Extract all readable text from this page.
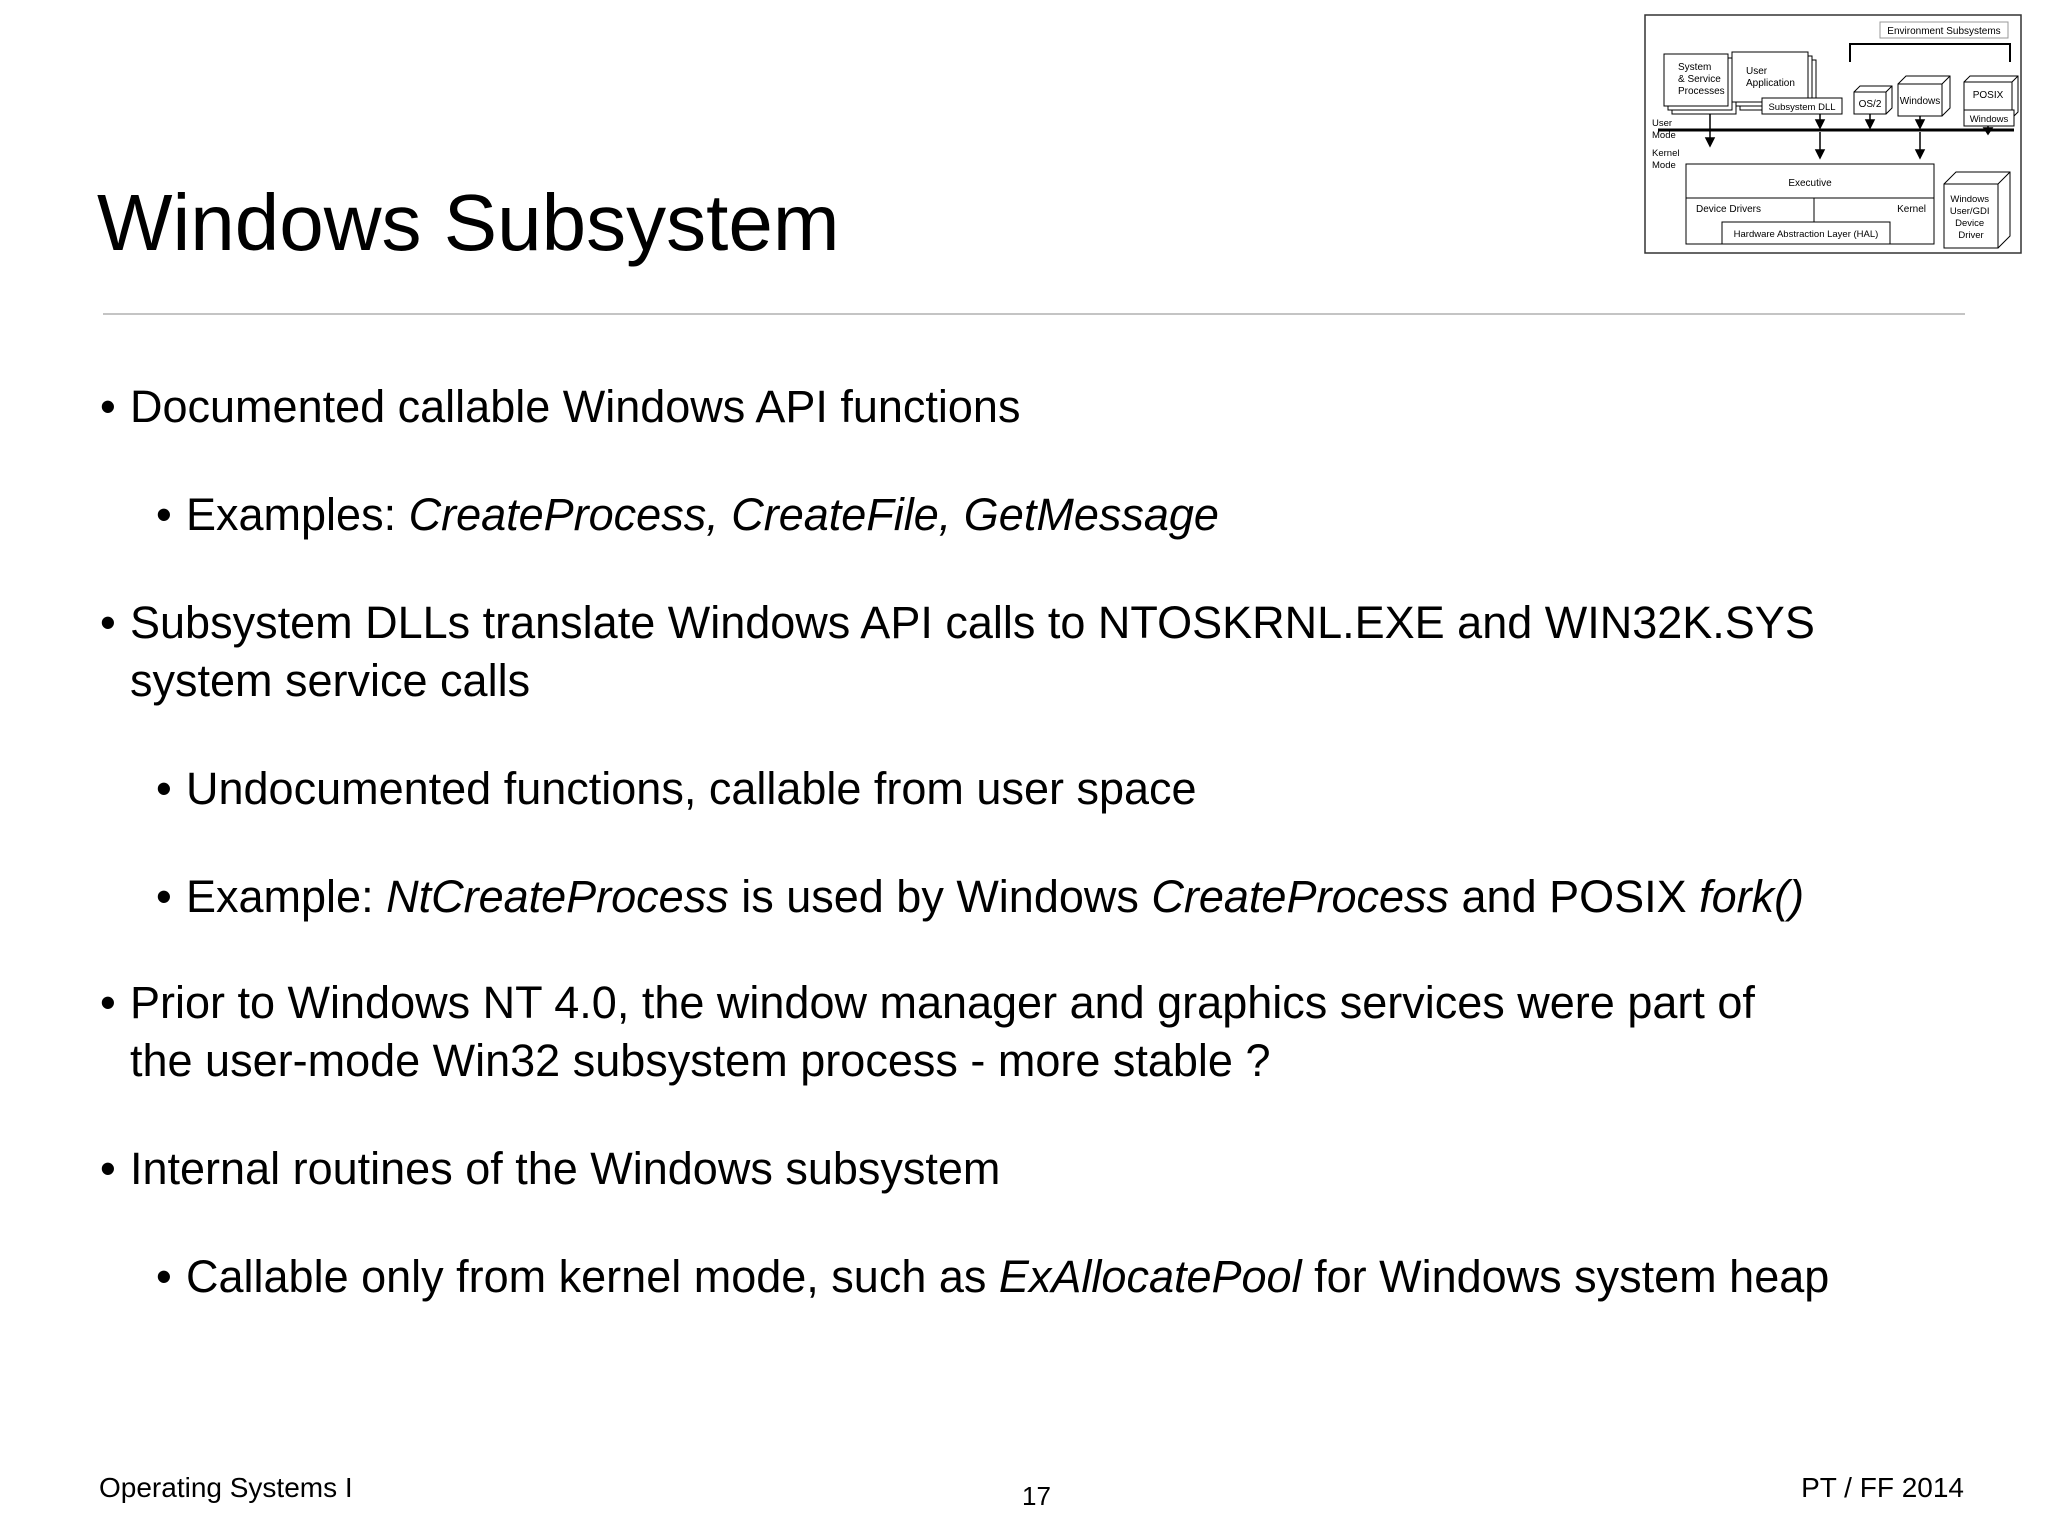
Windows Subsystem
Environment Subsystems
System & Service Processes
User Application
Subsystem DLL OS/2 Windows
POSIX
Windows
User
Mode
Kernel Mode
Executive
Device Drivers	Kernel
Hardware Abstraction Layer (HAL)
Windows User/GDI Device Driver
• Documented callable Windows API functions
• Examples: CreateProcess, CreateFile, GetMessage
• Subsystem DLLs translate Windows API calls to NTOSKRNL.EXE and WIN32K.SYS
system service calls
• Undocumented functions, callable from user space
• Example: NtCreateProcess is used by Windows CreateProcess and POSIX fork()
• Prior to Windows NT 4.0, the window manager and graphics services were part of
the user-mode Win32 subsystem process - more stable ?
• Internal routines of the Windows subsystem
• Callable only from kernel mode, such as ExAllocatePool for Windows system heap
Operating Systems I	17	PT / FF 2014
